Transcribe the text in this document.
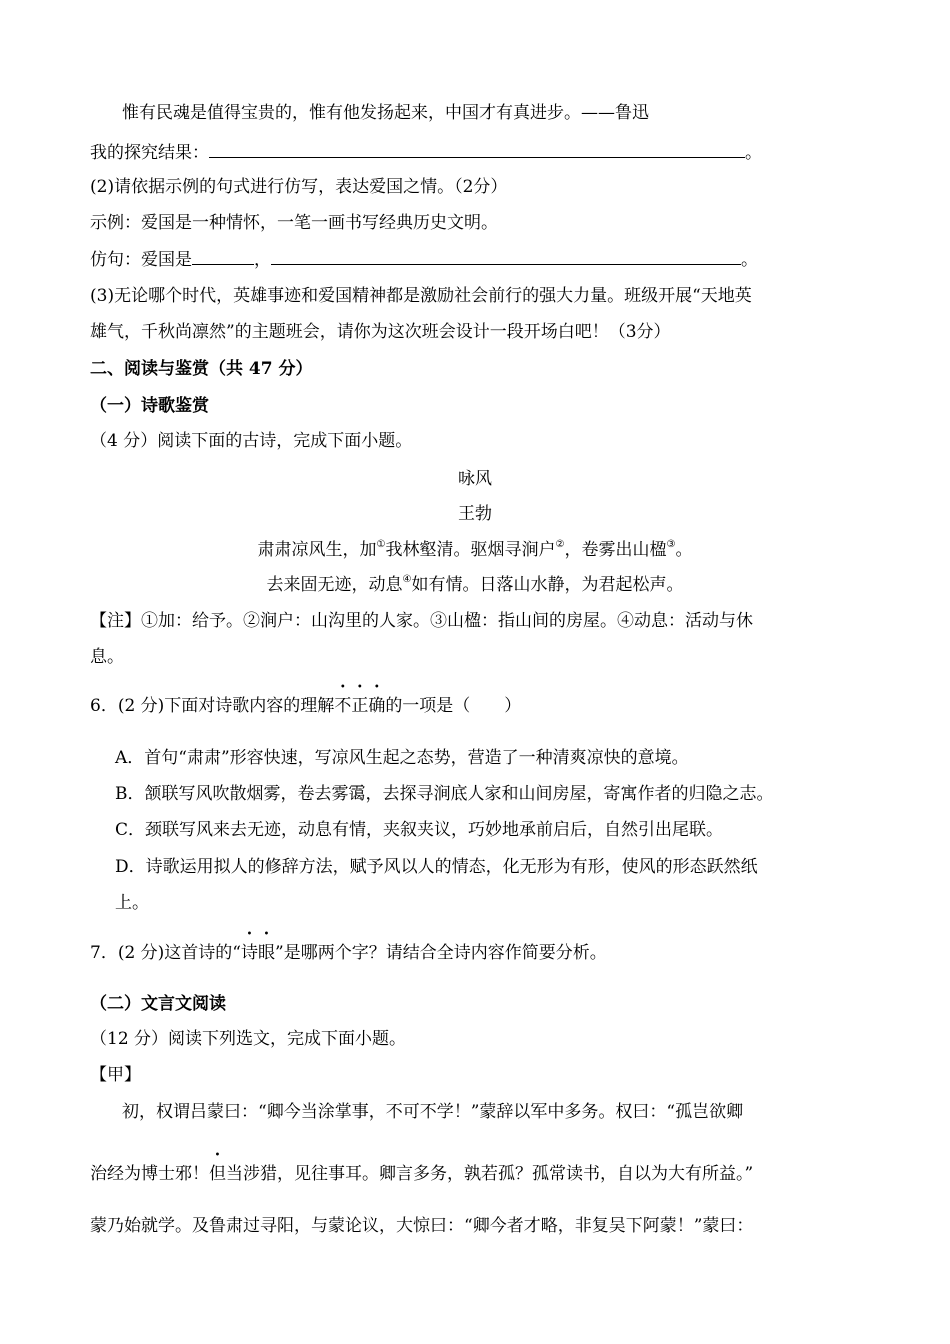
惟有民魂是值得宝贵的，惟有他发扬起来，中国才有真进步。——鲁迅
我的探究结果：	。
(2)请依据示例的句式进行仿写，表达爱国之情。（2分）
示例：爱国是一种情怀，一笔一画书写经典历史文明。
仿句：爱国是	，	。
(3)无论哪个时代，英雄事迹和爱国精神都是激励社会前行的强大力量。班级开展“天地英
雄气，千秋尚凛然”的主题班会，请你为这次班会设计一段开场白吧！（3分）
二、阅读与鉴赏（共 47 分）
（一）诗歌鉴赏
（4 分）阅读下面的古诗，完成下面小题。
咏风
王勃
肃肃凉风生，加①我林壑清。驱烟寻涧户②，卷雾出山楹③。
去来固无迹，动息④如有情。日落山水静，为君起松声。
【注】①加：给予。②涧户：山沟里的人家。③山楹：指山间的房屋。④动息：活动与休
息。
6．(2 分)下面对诗歌内容的理解不正确的一项是（　　）
A．首句“肃肃”形容快速，写凉风生起之态势，营造了一种清爽凉快的意境。
B．颔联写风吹散烟雾，卷去雾霭，去探寻涧底人家和山间房屋，寄寓作者的归隐之志。
C．颈联写风来去无迹，动息有情，夹叙夹议，巧妙地承前启后，自然引出尾联。
D．诗歌运用拟人的修辞方法，赋予风以人的情态，化无形为有形，使风的形态跃然纸
上。
7．(2 分)这首诗的“诗眼”是哪两个字？请结合全诗内容作简要分析。
（二）文言文阅读
（12 分）阅读下列选文，完成下面小题。
【甲】
初，权谓吕蒙曰：“卿今当涂掌事，不可不学！”蒙辞以军中多务。权曰：“孤岂欲卿
治经为博士邪！但当涉猎，见往事耳。卿言多务，孰若孤？孤常读书，自以为大有所益。”
蒙乃始就学。及鲁肃过寻阳，与蒙论议，大惊曰：“卿今者才略，非复吴下阿蒙！”蒙曰：
